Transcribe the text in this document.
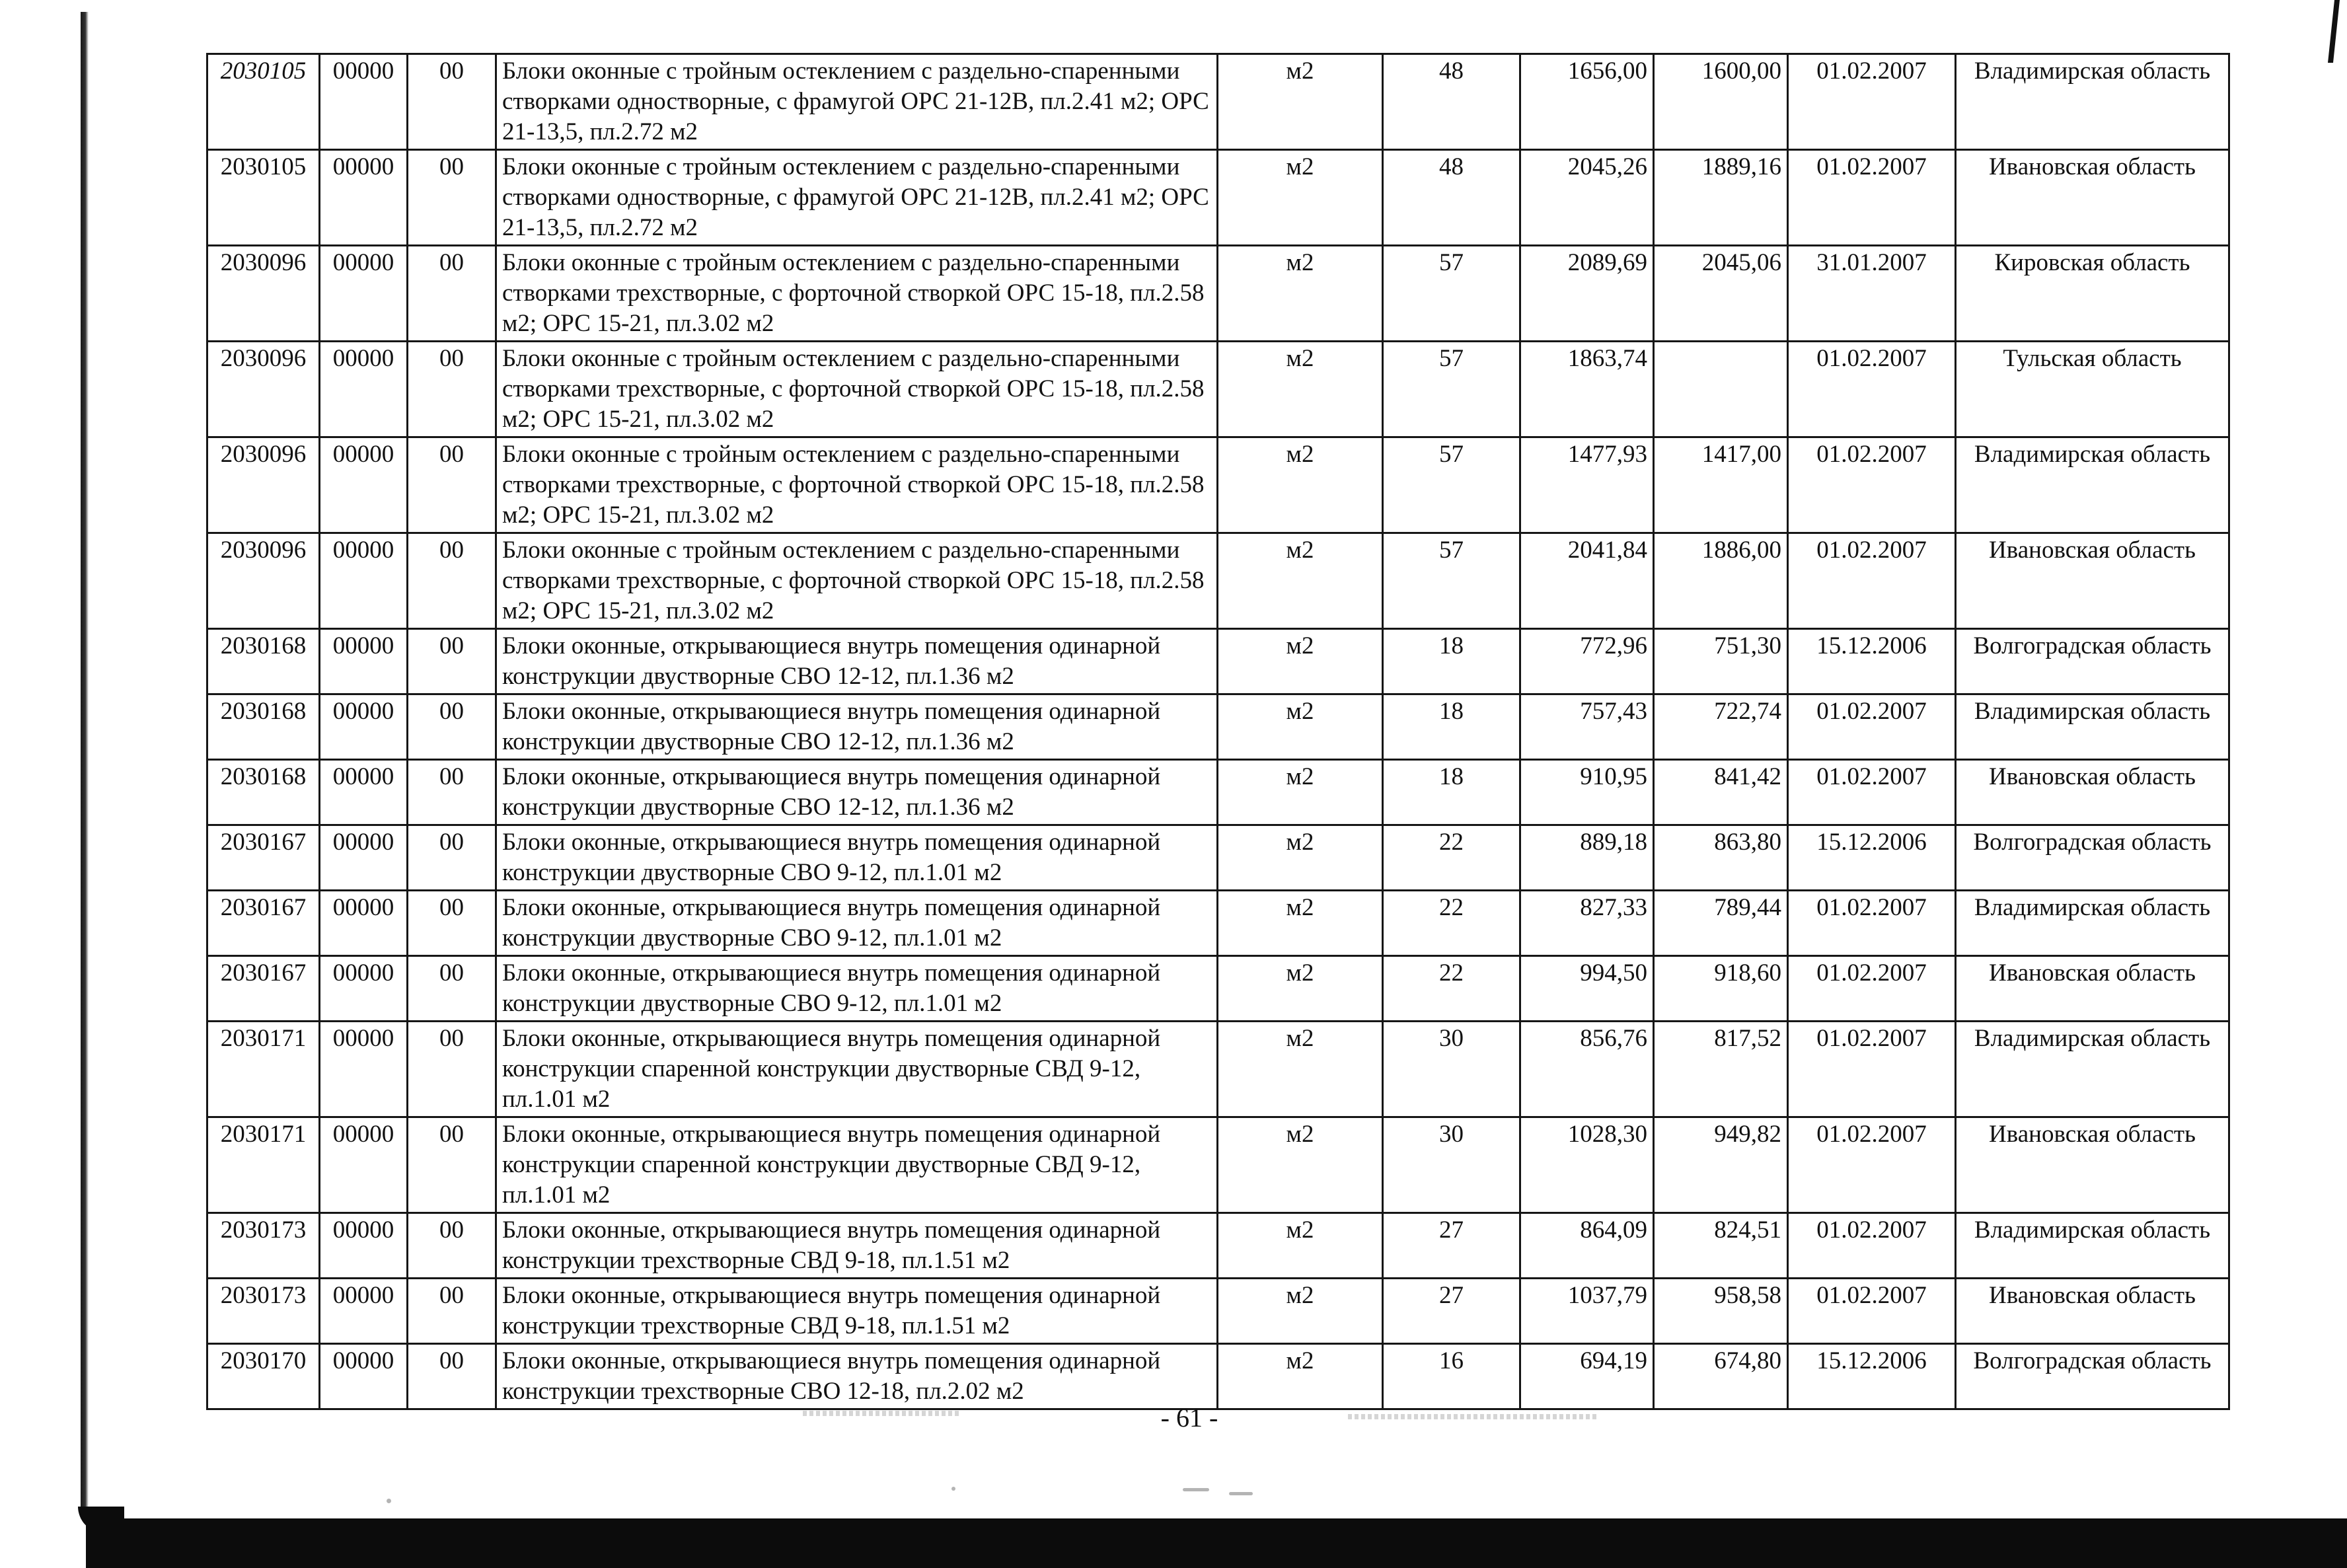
2030105	00000	00	Блоки оконные с тройным остеклением с раздельно-спаренными створками одностворные, с фрамугой ОРС 21-12В, пл.2.41 м2; ОРС 21-13,5, пл.2.72 м2	м2	48	1656,00	1600,00	01.02.2007	Владимирская область
2030105	00000	00	Блоки оконные с тройным остеклением с раздельно-спаренными створками одностворные, с фрамугой ОРС 21-12В, пл.2.41 м2; ОРС 21-13,5, пл.2.72 м2	м2	48	2045,26	1889,16	01.02.2007	Ивановская область
2030096	00000	00	Блоки оконные с тройным остеклением с раздельно-спаренными створками трехстворные, с форточной створкой ОРС 15-18, пл.2.58 м2; ОРС 15-21, пл.3.02 м2	м2	57	2089,69	2045,06	31.01.2007	Кировская область
2030096	00000	00	Блоки оконные с тройным остеклением с раздельно-спаренными створками трехстворные, с форточной створкой ОРС 15-18, пл.2.58 м2; ОРС 15-21, пл.3.02 м2	м2	57	1863,74		01.02.2007	Тульская область
2030096	00000	00	Блоки оконные с тройным остеклением с раздельно-спаренными створками трехстворные, с форточной створкой ОРС 15-18, пл.2.58 м2; ОРС 15-21, пл.3.02 м2	м2	57	1477,93	1417,00	01.02.2007	Владимирская область
2030096	00000	00	Блоки оконные с тройным остеклением с раздельно-спаренными створками трехстворные, с форточной створкой ОРС 15-18, пл.2.58 м2; ОРС 15-21, пл.3.02 м2	м2	57	2041,84	1886,00	01.02.2007	Ивановская область
2030168	00000	00	Блоки оконные, открывающиеся внутрь помещения одинарной конструкции двустворные СВО 12-12, пл.1.36 м2	м2	18	772,96	751,30	15.12.2006	Волгоградская область
2030168	00000	00	Блоки оконные, открывающиеся внутрь помещения одинарной конструкции двустворные СВО 12-12, пл.1.36 м2	м2	18	757,43	722,74	01.02.2007	Владимирская область
2030168	00000	00	Блоки оконные, открывающиеся внутрь помещения одинарной конструкции двустворные СВО 12-12, пл.1.36 м2	м2	18	910,95	841,42	01.02.2007	Ивановская область
2030167	00000	00	Блоки оконные, открывающиеся внутрь помещения одинарной конструкции двустворные СВО 9-12, пл.1.01 м2	м2	22	889,18	863,80	15.12.2006	Волгоградская область
2030167	00000	00	Блоки оконные, открывающиеся внутрь помещения одинарной конструкции двустворные СВО 9-12, пл.1.01 м2	м2	22	827,33	789,44	01.02.2007	Владимирская область
2030167	00000	00	Блоки оконные, открывающиеся внутрь помещения одинарной конструкции двустворные СВО 9-12, пл.1.01 м2	м2	22	994,50	918,60	01.02.2007	Ивановская область
2030171	00000	00	Блоки оконные, открывающиеся внутрь помещения одинарной конструкции спаренной конструкции двустворные СВД 9-12, пл.1.01 м2	м2	30	856,76	817,52	01.02.2007	Владимирская область
2030171	00000	00	Блоки оконные, открывающиеся внутрь помещения одинарной конструкции спаренной конструкции двустворные СВД 9-12, пл.1.01 м2	м2	30	1028,30	949,82	01.02.2007	Ивановская область
2030173	00000	00	Блоки оконные, открывающиеся внутрь помещения одинарной конструкции трехстворные СВД 9-18, пл.1.51 м2	м2	27	864,09	824,51	01.02.2007	Владимирская область
2030173	00000	00	Блоки оконные, открывающиеся внутрь помещения одинарной конструкции трехстворные СВД 9-18, пл.1.51 м2	м2	27	1037,79	958,58	01.02.2007	Ивановская область
2030170	00000	00	Блоки оконные, открывающиеся внутрь помещения одинарной конструкции трехстворные СВО 12-18, пл.2.02 м2	м2	16	694,19	674,80	15.12.2006	Волгоградская область
- 61 -
